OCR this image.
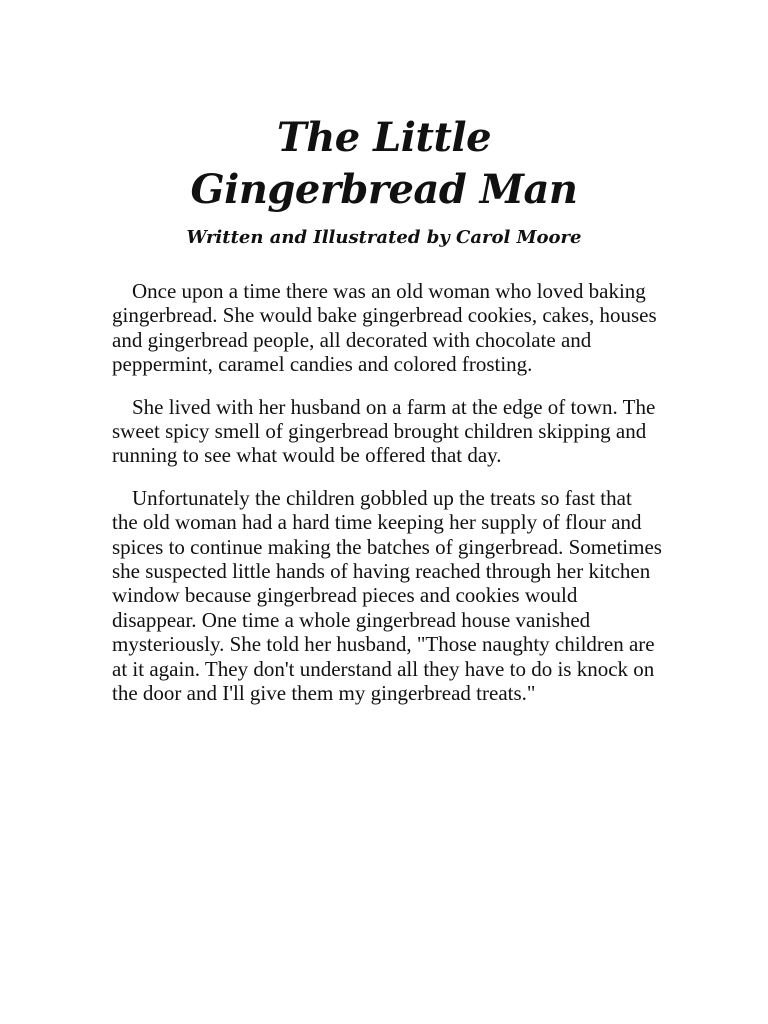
The Little
Gingerbread Man
Written and Illustrated by Carol Moore

Once upon a time there was an old woman who loved baking gingerbread. She would bake gingerbread cookies, cakes, houses and gingerbread people, all decorated with chocolate and peppermint, caramel candies and colored frosting.

She lived with her husband on a farm at the edge of town. The sweet spicy smell of gingerbread brought children skipping and running to see what would be offered that day.

Unfortunately the children gobbled up the treats so fast that the old woman had a hard time keeping her supply of flour and spices to continue making the batches of gingerbread. Sometimes she suspected little hands of having reached through her kitchen window because gingerbread pieces and cookies would disappear. One time a whole gingerbread house vanished mysteriously. She told her husband, "Those naughty children are at it again. They don't understand all they have to do is knock on the door and I'll give them my gingerbread treats."
